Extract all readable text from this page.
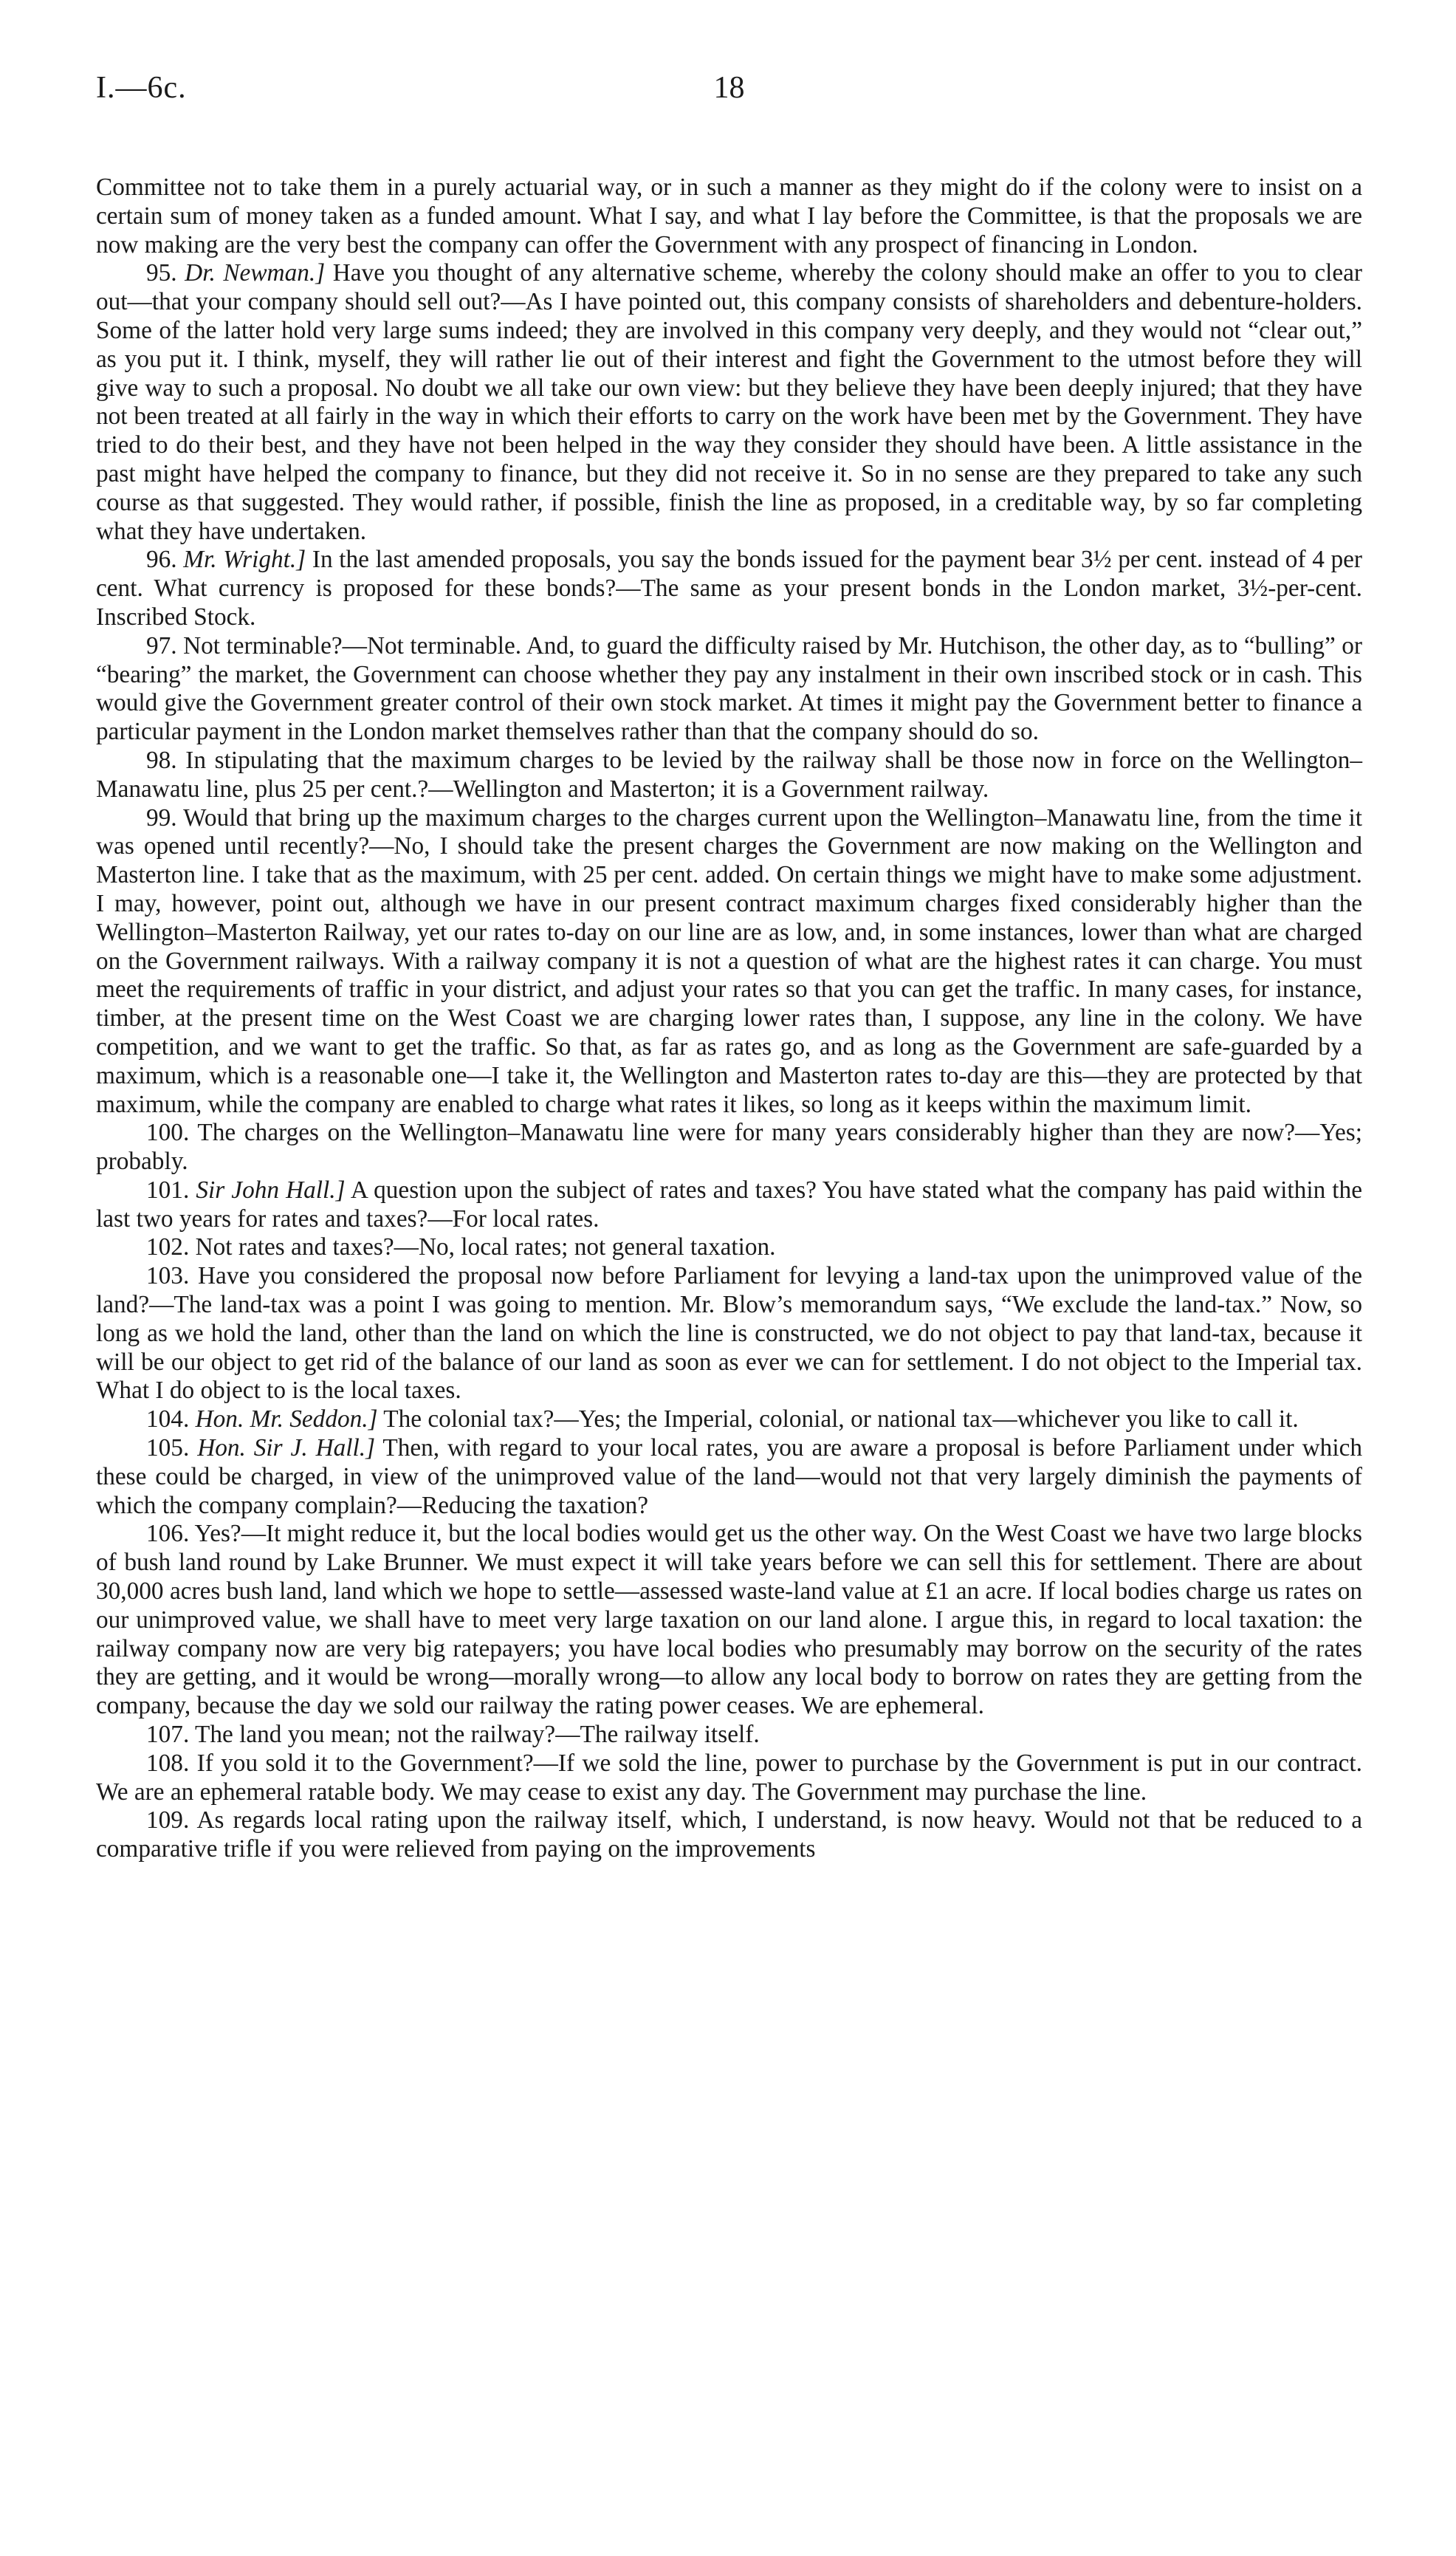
I.—6c.	18

Committee not to take them in a purely actuarial way, or in such a manner as they might do if the colony were to insist on a certain sum of money taken as a funded amount. What I say, and what I lay before the Committee, is that the proposals we are now making are the very best the company can offer the Government with any prospect of financing in London.

95. Dr. Newman.] Have you thought of any alternative scheme, whereby the colony should make an offer to you to clear out—that your company should sell out?—As I have pointed out, this company consists of shareholders and debenture-holders. Some of the latter hold very large sums indeed; they are involved in this company very deeply, and they would not “clear out,” as you put it. I think, myself, they will rather lie out of their interest and fight the Government to the utmost before they will give way to such a proposal. No doubt we all take our own view: but they believe they have been deeply injured; that they have not been treated at all fairly in the way in which their efforts to carry on the work have been met by the Government. They have tried to do their best, and they have not been helped in the way they consider they should have been. A little assistance in the past might have helped the company to finance, but they did not receive it. So in no sense are they prepared to take any such course as that suggested. They would rather, if possible, finish the line as proposed, in a creditable way, by so far completing what they have undertaken.

96. Mr. Wright.] In the last amended proposals, you say the bonds issued for the payment bear 3½ per cent. instead of 4 per cent. What currency is proposed for these bonds?—The same as your present bonds in the London market, 3½-per-cent. Inscribed Stock.

97. Not terminable?—Not terminable. And, to guard the difficulty raised by Mr. Hutchison, the other day, as to “bulling” or “bearing” the market, the Government can choose whether they pay any instalment in their own inscribed stock or in cash. This would give the Government greater control of their own stock market. At times it might pay the Government better to finance a particular payment in the London market themselves rather than that the company should do so.

98. In stipulating that the maximum charges to be levied by the railway shall be those now in force on the Wellington–Manawatu line, plus 25 per cent.?—Wellington and Masterton; it is a Government railway.

99. Would that bring up the maximum charges to the charges current upon the Wellington–Manawatu line, from the time it was opened until recently?—No, I should take the present charges the Government are now making on the Wellington and Masterton line. I take that as the maximum, with 25 per cent. added. On certain things we might have to make some adjustment. I may, however, point out, although we have in our present contract maximum charges fixed considerably higher than the Wellington–Masterton Railway, yet our rates to-day on our line are as low, and, in some instances, lower than what are charged on the Government railways. With a railway company it is not a question of what are the highest rates it can charge. You must meet the requirements of traffic in your district, and adjust your rates so that you can get the traffic. In many cases, for instance, timber, at the present time on the West Coast we are charging lower rates than, I suppose, any line in the colony. We have competition, and we want to get the traffic. So that, as far as rates go, and as long as the Government are safe-guarded by a maximum, which is a reasonable one—I take it, the Wellington and Masterton rates to-day are this—they are protected by that maximum, while the company are enabled to charge what rates it likes, so long as it keeps within the maximum limit.

100. The charges on the Wellington–Manawatu line were for many years considerably higher than they are now?—Yes; probably.

101. Sir John Hall.] A question upon the subject of rates and taxes? You have stated what the company has paid within the last two years for rates and taxes?—For local rates.

102. Not rates and taxes?—No, local rates; not general taxation.

103. Have you considered the proposal now before Parliament for levying a land-tax upon the unimproved value of the land?—The land-tax was a point I was going to mention. Mr. Blow’s memorandum says, “We exclude the land-tax.” Now, so long as we hold the land, other than the land on which the line is constructed, we do not object to pay that land-tax, because it will be our object to get rid of the balance of our land as soon as ever we can for settlement. I do not object to the Imperial tax. What I do object to is the local taxes.

104. Hon. Mr. Seddon.] The colonial tax?—Yes; the Imperial, colonial, or national tax—whichever you like to call it.

105. Hon. Sir J. Hall.] Then, with regard to your local rates, you are aware a proposal is before Parliament under which these could be charged, in view of the unimproved value of the land—would not that very largely diminish the payments of which the company complain?—Reducing the taxation?

106. Yes?—It might reduce it, but the local bodies would get us the other way. On the West Coast we have two large blocks of bush land round by Lake Brunner. We must expect it will take years before we can sell this for settlement. There are about 30,000 acres bush land, land which we hope to settle—assessed waste-land value at £1 an acre. If local bodies charge us rates on our unimproved value, we shall have to meet very large taxation on our land alone. I argue this, in regard to local taxation: the railway company now are very big ratepayers; you have local bodies who presumably may borrow on the security of the rates they are getting, and it would be wrong—morally wrong—to allow any local body to borrow on rates they are getting from the company, because the day we sold our railway the rating power ceases. We are ephemeral.

107. The land you mean; not the railway?—The railway itself.

108. If you sold it to the Government?—If we sold the line, power to purchase by the Government is put in our contract. We are an ephemeral ratable body. We may cease to exist any day. The Government may purchase the line.

109. As regards local rating upon the railway itself, which, I understand, is now heavy. Would not that be reduced to a comparative trifle if you were relieved from paying on the improvements
